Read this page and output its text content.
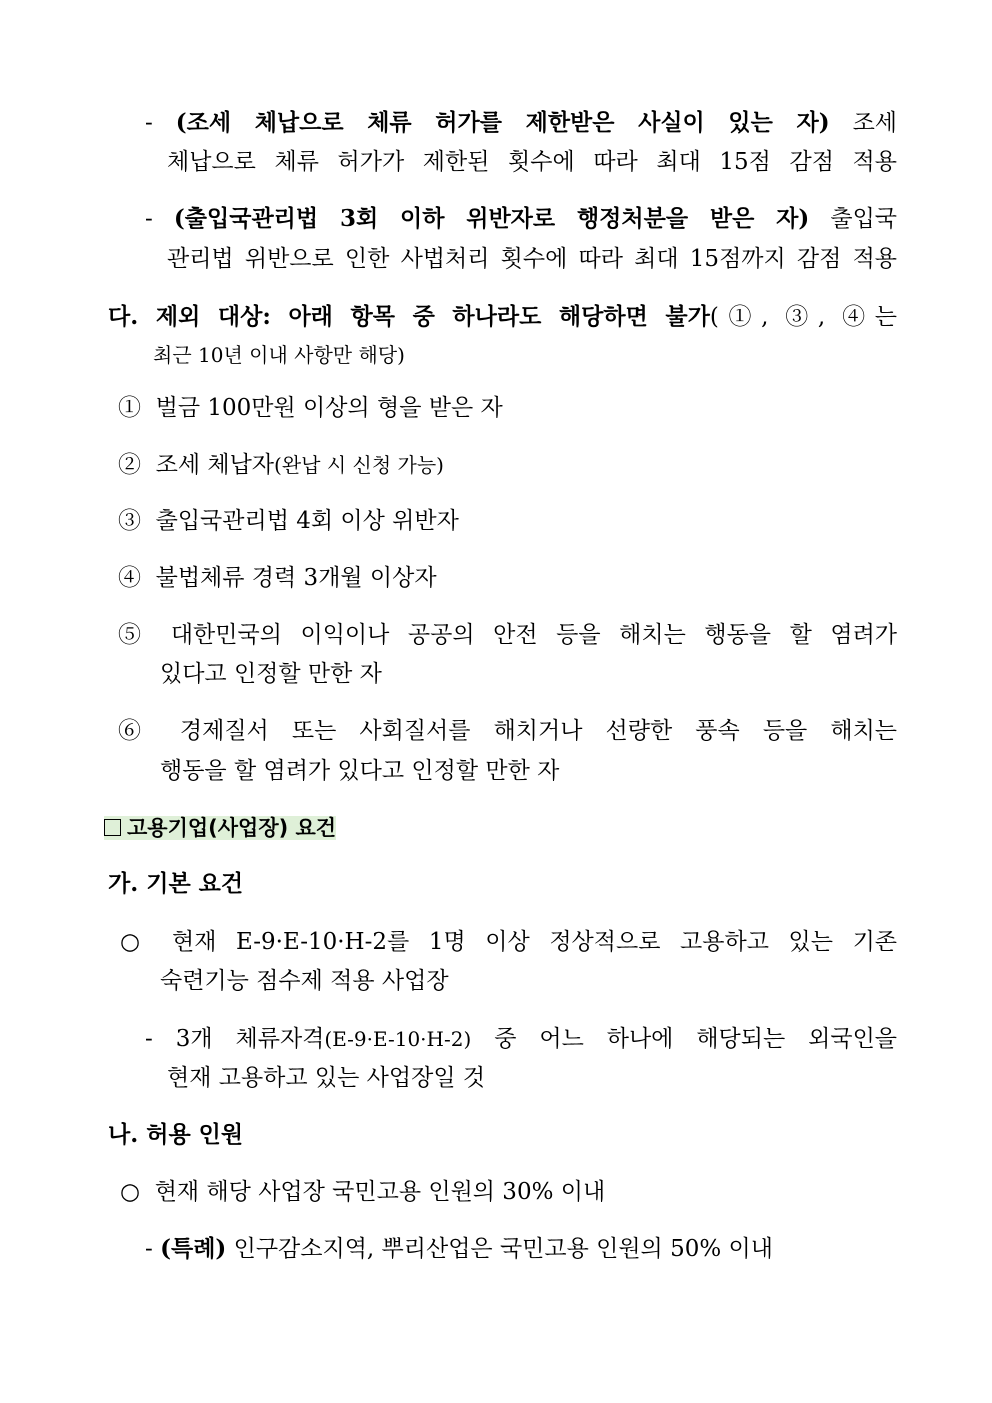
- (조세 체납으로 체류 허가를 제한받은 사실이 있는 자) 조세
체납으로 체류 허가가 제한된 횟수에 따라 최대 15점 감점 적용
- (출입국관리법 3회 이하 위반자로 행정처분을 받은 자) 출입국
관리법 위반으로 인한 사법처리 횟수에 따라 최대 15점까지 감점 적용
다. 제외 대상: 아래 항목 중 하나라도 해당하면 불가(①, ③, ④는
최근 10년 이내 사항만 해당)
① 벌금 100만원 이상의 형을 받은 자
② 조세 체납자(완납 시 신청 가능)
③ 출입국관리법 4회 이상 위반자
④ 불법체류 경력 3개월 이상자
⑤ 대한민국의 이익이나 공공의 안전 등을 해치는 행동을 할 염려가
있다고 인정할 만한 자
⑥ 경제질서 또는 사회질서를 해치거나 선량한 풍속 등을 해치는
행동을 할 염려가 있다고 인정할 만한 자
고용기업(사업장) 요건
가. 기본 요건
○ 현재 E-9·E-10·H-2를 1명 이상 정상적으로 고용하고 있는 기존
숙련기능 점수제 적용 사업장
- 3개 체류자격(E-9·E-10·H-2) 중 어느 하나에 해당되는 외국인을
현재 고용하고 있는 사업장일 것
나. 허용 인원
○ 현재 해당 사업장 국민고용 인원의 30% 이내
- (특례) 인구감소지역, 뿌리산업은 국민고용 인원의 50% 이내
